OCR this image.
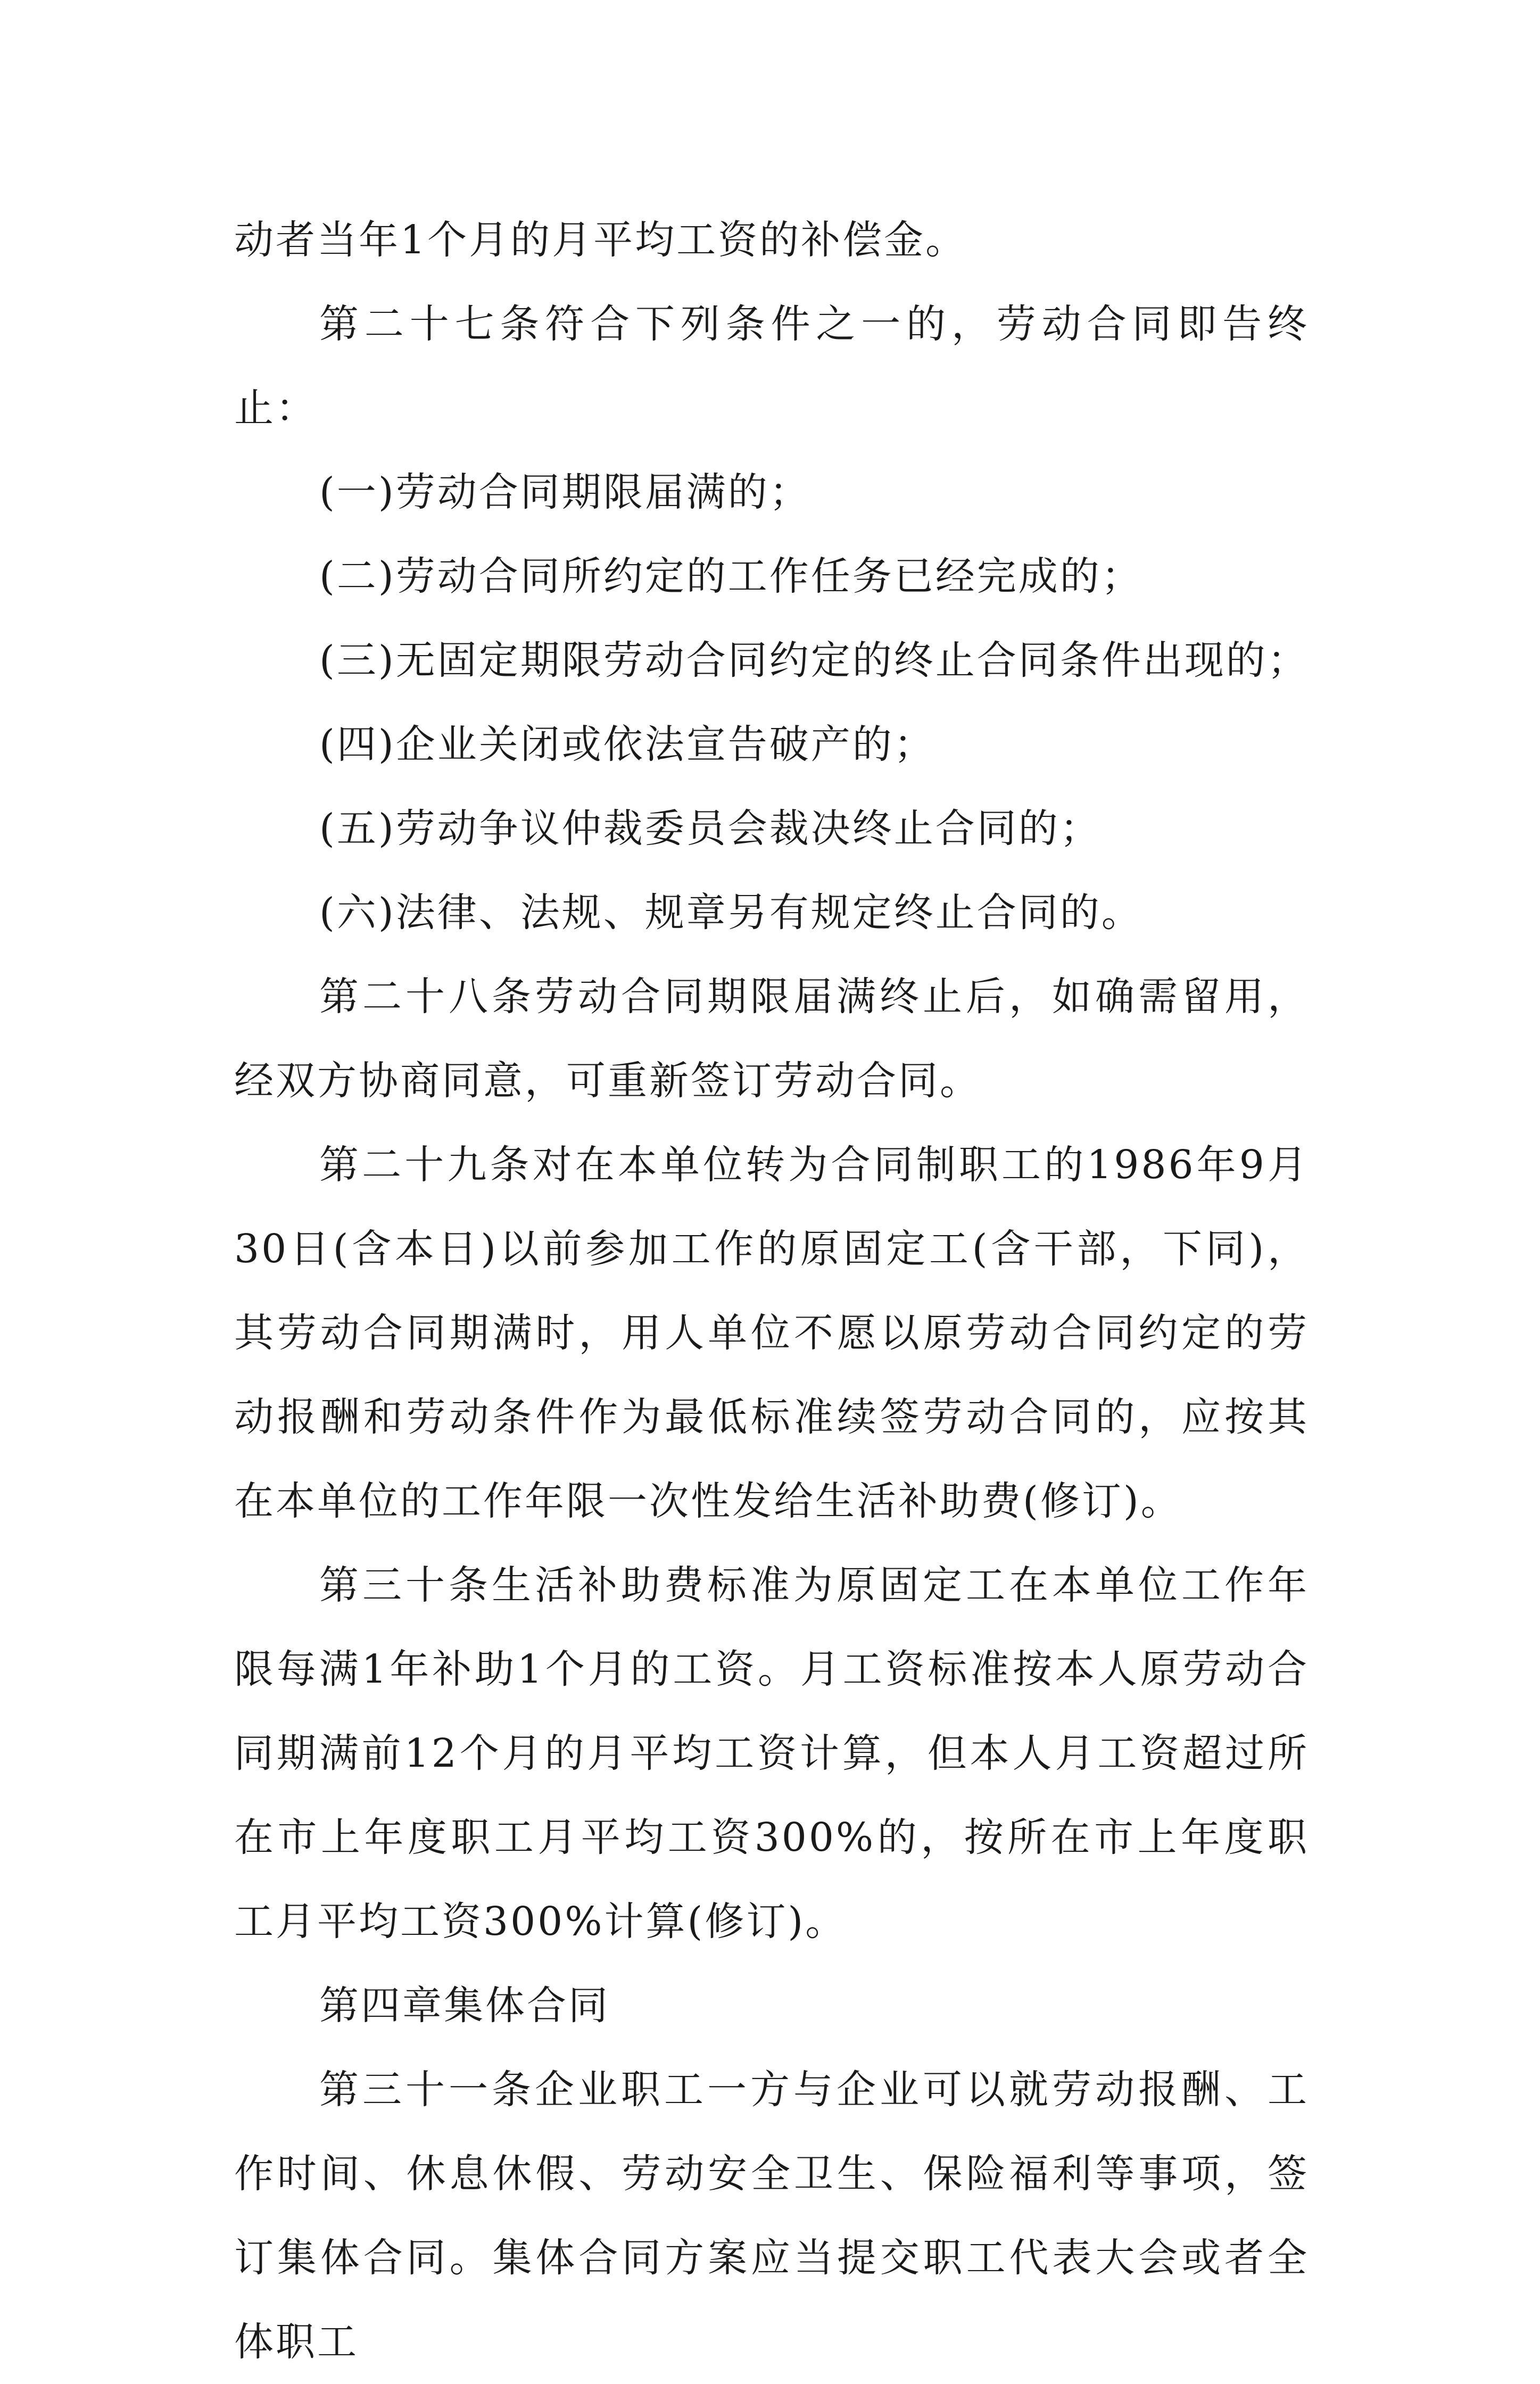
动者当年1个月的月平均工资的补偿金。

第二十七条符合下列条件之一的，劳动合同即告终止：

(一)劳动合同期限届满的；

(二)劳动合同所约定的工作任务已经完成的；

(三)无固定期限劳动合同约定的终止合同条件出现的；

(四)企业关闭或依法宣告破产的；

(五)劳动争议仲裁委员会裁决终止合同的；

(六)法律、法规、规章另有规定终止合同的。

第二十八条劳动合同期限届满终止后，如确需留用，经双方协商同意，可重新签订劳动合同。

第二十九条对在本单位转为合同制职工的1986年9月30日(含本日)以前参加工作的原固定工(含干部，下同)，其劳动合同期满时，用人单位不愿以原劳动合同约定的劳动报酬和劳动条件作为最低标准续签劳动合同的，应按其在本单位的工作年限一次性发给生活补助费(修订)。

第三十条生活补助费标准为原固定工在本单位工作年限每满1年补助1个月的工资。月工资标准按本人原劳动合同期满前12个月的月平均工资计算，但本人月工资超过所在市上年度职工月平均工资300%的，按所在市上年度职工月平均工资300%计算(修订)。

第四章集体合同

第三十一条企业职工一方与企业可以就劳动报酬、工作时间、休息休假、劳动安全卫生、保险福利等事项，签订集体合同。集体合同方案应当提交职工代表大会或者全体职工
